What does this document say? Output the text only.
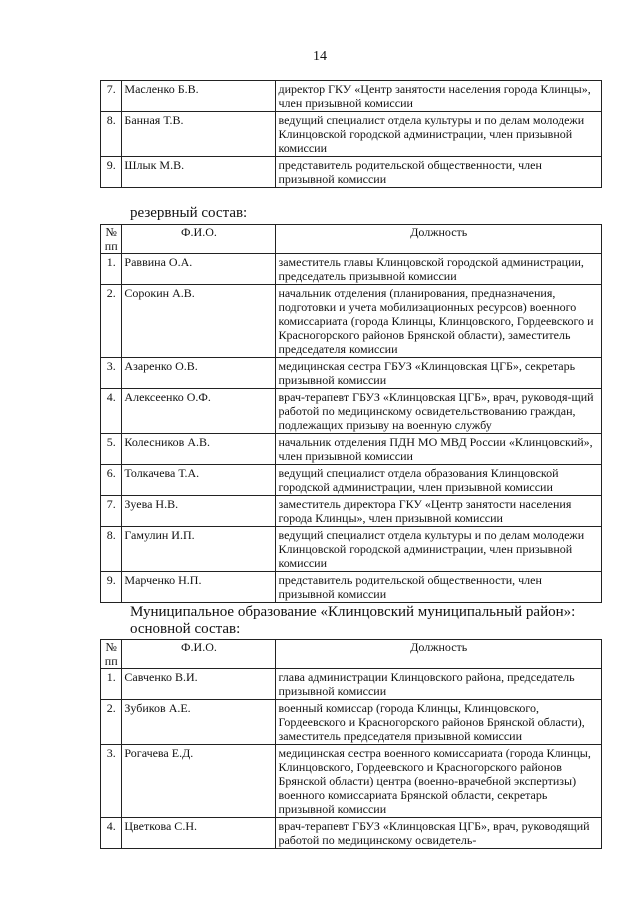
14
7.	Масленко Б.В.	директор ГКУ «Центр занятости населения города Клинцы», член призывной комиссии
8.	Банная Т.В.	ведущий специалист отдела культуры и по делам молодежи Клинцовской городской администрации, член призывной комиссии
9.	Шлык М.В.	представитель родительской общественности, член призывной комиссии
резервный состав:
№ пп	Ф.И.О.	Должность
1.	Раввина О.А.	заместитель главы Клинцовской городской администрации, председатель призывной комиссии
2.	Сорокин А.В.	начальник отделения (планирования, предназначения, подготовки и учета мобилизационных ресурсов) военного комиссариата (города Клинцы, Клинцовского, Гордеевского и Красногорского районов Брянской области), заместитель председателя комиссии
3.	Азаренко О.В.	медицинская сестра ГБУЗ «Клинцовская ЦГБ», секретарь призывной комиссии
4.	Алексеенко О.Ф.	врач-терапевт ГБУЗ «Клинцовская ЦГБ», врач, руководя-щий работой по медицинскому освидетельствованию граждан, подлежащих призыву на военную службу
5.	Колесников А.В.	начальник отделения ПДН МО МВД России «Клинцовский», член призывной комиссии
6.	Толкачева Т.А.	ведущий специалист отдела образования Клинцовской городской администрации, член призывной комиссии
7.	Зуева Н.В.	заместитель директора ГКУ «Центр занятости населения города Клинцы», член призывной комиссии
8.	Гамулин И.П.	ведущий специалист отдела культуры и по делам молодежи Клинцовской городской администрации, член призывной комиссии
9.	Марченко Н.П.	представитель родительской общественности, член призывной комиссии
Муниципальное образование «Клинцовский муниципальный район»:
основной состав:
№ пп	Ф.И.О.	Должность
1.	Савченко В.И.	глава администрации Клинцовского района, председатель призывной комиссии
2.	Зубиков А.Е.	военный комиссар (города Клинцы, Клинцовского, Гордеевского и Красногорского районов Брянской области), заместитель председателя призывной комиссии
3.	Рогачева Е.Д.	медицинская сестра военного комиссариата (города Клинцы, Клинцовского, Гордеевского и Красногорского районов Брянской области) центра (военно-врачебной экспертизы) военного комиссариата Брянской области, секретарь призывной комиссии
4.	Цветкова С.Н.	врач-терапевт ГБУЗ «Клинцовская ЦГБ», врач, руководящий работой по медицинскому освидетель-
